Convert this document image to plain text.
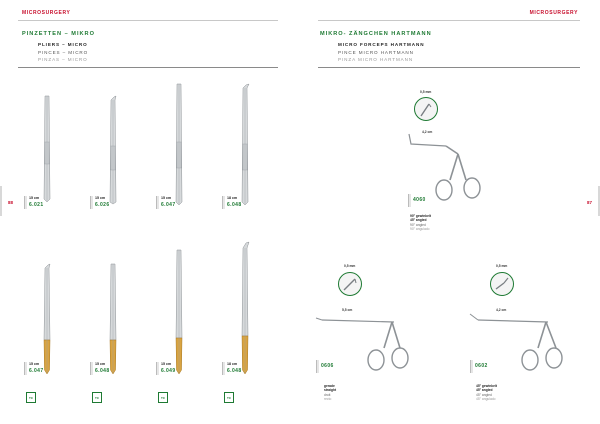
MICROSURGERY
PINZETTEN – MIKRO
PLIERS – MICRO
PINCES – MICRO
PINZAS – MICRO
88
15 cm
6.021
15 cm
6.026
15 cm
6.047
18 cm
6.048
15 cm
6.047
TC
15 cm
6.048
TC
15 cm
6.049
TC
18 cm
6.048
TC
MICROSURGERY
MIKRO- ZÄNGCHEN HARTMANN
MICRO FORCEPS HARTMANN
PINCE MICRO HARTMANN
PINZA MICRO HARTMANN
87
0,5 mm
4,2 cm
4060
90° gewinkelt
45° angled
90° angled
90° angulado
0,5 mm
5,5 cm
0606
gerade
straight
droit
recto
0,5 mm
4,2 cm
0602
45° gewinkelt
45° angled
45° angled
45° angulado
